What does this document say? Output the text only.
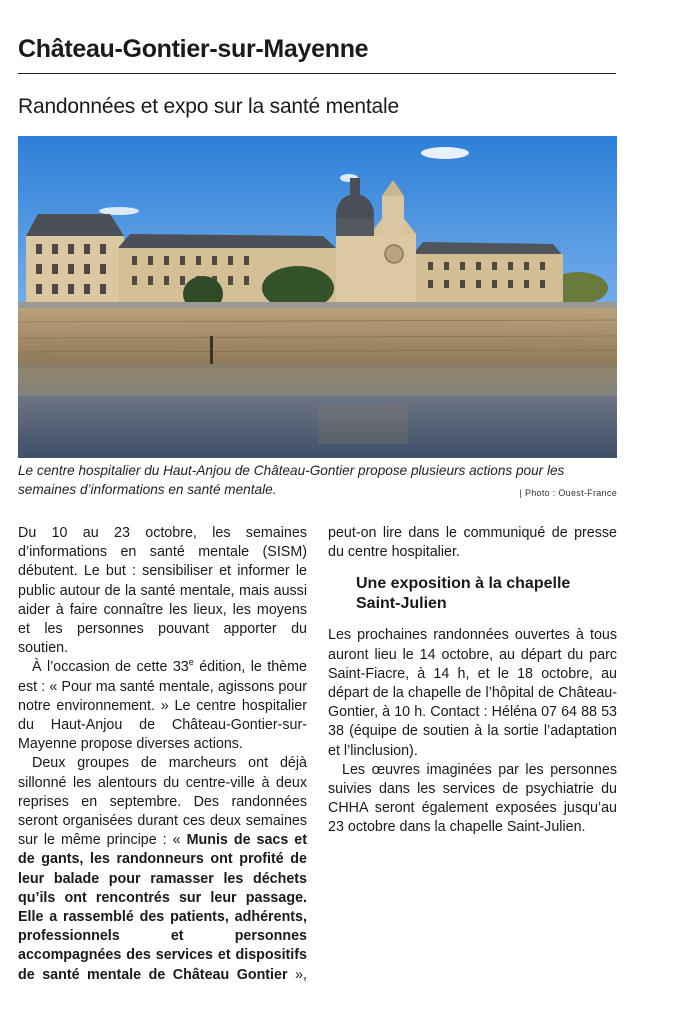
Château-Gontier-sur-Mayenne
Randonnées et expo sur la santé mentale
Le centre hospitalier du Haut-Anjou de Château-Gontier propose plusieurs actions pour les semaines d’informations en santé mentale.	| Photo : Ouest-France

Du 10 au 23 octobre, les semaines d’informations en santé mentale (SISM) débutent. Le but : sensibiliser et informer le public autour de la santé mentale, mais aussi aider à faire connaître les lieux, les moyens et les personnes pouvant apporter du soutien.

À l’occasion de cette 33e édition, le thème est : « Pour ma santé mentale, agissons pour notre environnement. » Le centre hospitalier du Haut-Anjou de Château-Gontier-sur-Mayenne propose diverses actions.

Deux groupes de marcheurs ont déjà sillonné les alentours du centre-ville à deux reprises en septembre. Des randonnées seront organisées durant ces deux semaines sur le même principe : « Munis de sacs et de gants, les randonneurs ont profité de leur balade pour ramasser les déchets qu’ils ont rencontrés sur leur passage. Elle a rassemblé des patients, adhérents, professionnels et personnes accompagnées des services et dispositifs de santé mentale de Château Gontier », peut-on lire dans le communiqué de presse du centre hospitalier.

Une exposition à la chapelle Saint-Julien

Les prochaines randonnées ouvertes à tous auront lieu le 14 octobre, au départ du parc Saint-Fiacre, à 14 h, et le 18 octobre, au départ de la chapelle de l’hôpital de Château-Gontier, à 10 h. Contact : Héléna 07 64 88 53 38 (équipe de soutien à la sortie l’adaptation et l’linclusion).

Les œuvres imaginées par les personnes suivies dans les services de psychiatrie du CHHA seront également exposées jusqu’au 23 octobre dans la chapelle Saint-Julien.
